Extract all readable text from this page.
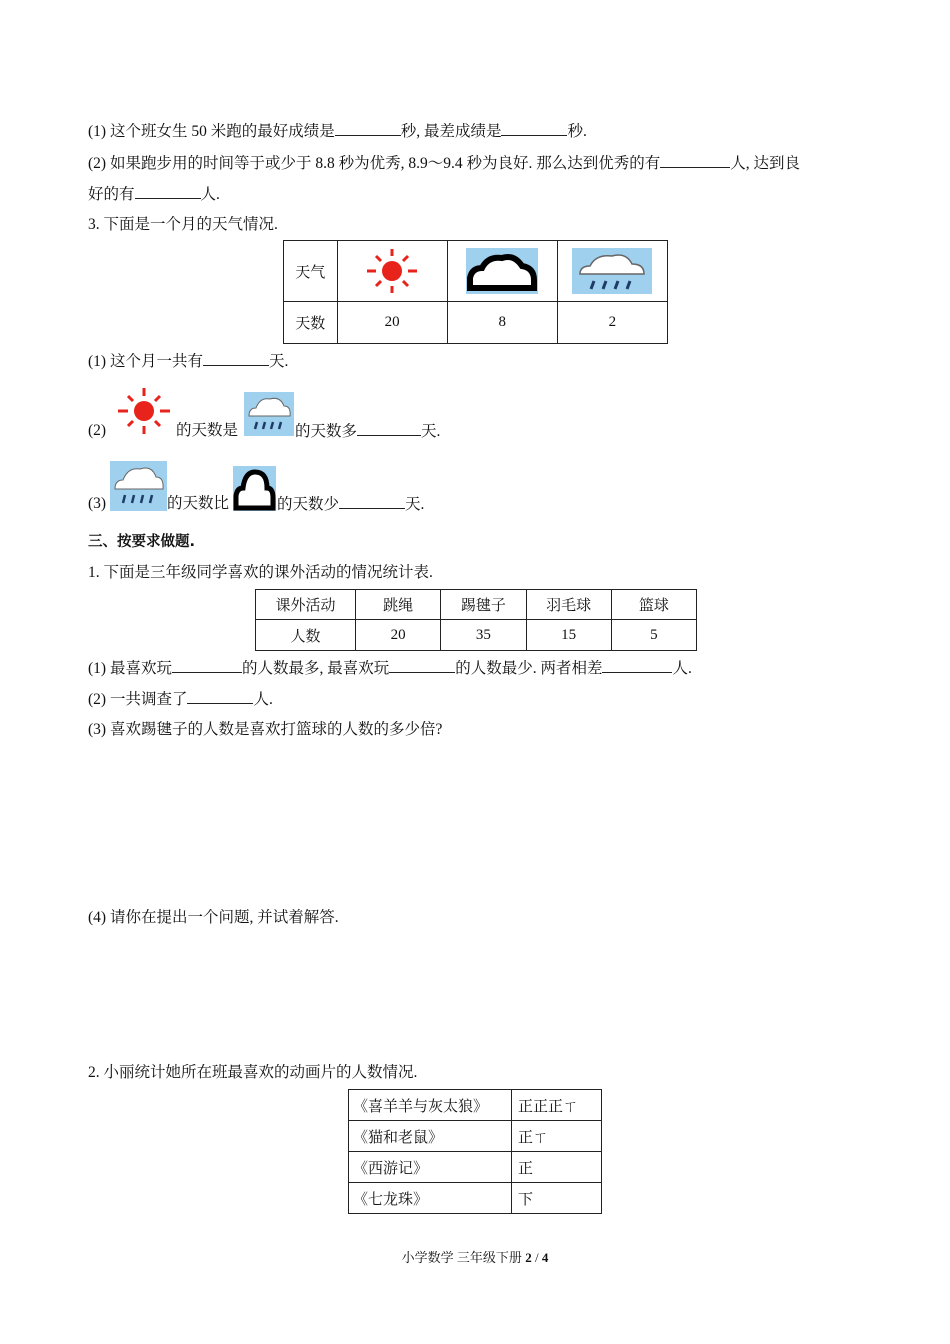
(1) 这个班女生 50 米跑的最好成绩是	秒, 最差成绩是	秒.
(2) 如果跑步用的时间等于或少于 8.8 秒为优秀, 8.9～9.4 秒为良好. 那么达到优秀的有	人, 达到良
好的有	人.
3. 下面是一个月的天气情况.
天气			
天数	20	8	2
(1) 这个月一共有	天.
(2)	的天数是	的天数多	天.
(3)	的天数比	的天数少	天.
三、按要求做题.
1. 下面是三年级同学喜欢的课外活动的情况统计表.
课外活动	跳绳	踢毽子	羽毛球	篮球
人数	20	35	15	5
(1) 最喜欢玩	的人数最多, 最喜欢玩	的人数最少. 两者相差	人.
(2) 一共调查了	人.
(3) 喜欢踢毽子的人数是喜欢打篮球的人数的多少倍?
(4) 请你在提出一个问题, 并试着解答.
2. 小丽统计她所在班最喜欢的动画片的人数情况.
《喜羊羊与灰太狼》	正正正ㄒ
《猫和老鼠》	正ㄒ
《西游记》	正
《七龙珠》	下
小学数学 三年级下册 2 / 4
